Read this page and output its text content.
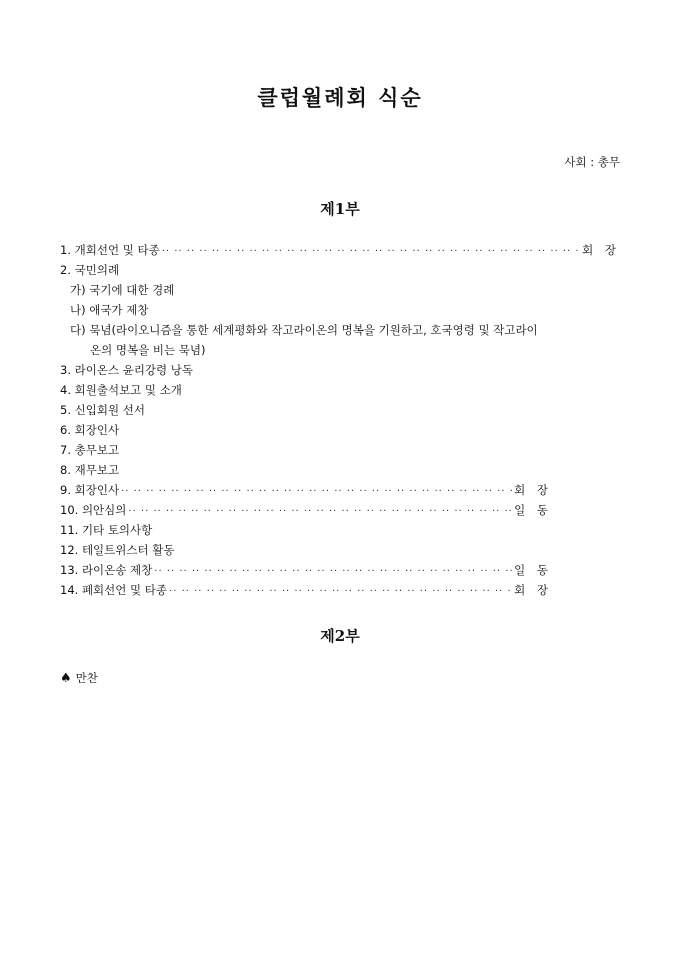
클럽월례회 식순
사회 : 총무
제1부
1. 개회선언 및 타종 ·· ··	회 장
2. 국민의례
가) 국기에 대한 경례
나) 애국가 제창
다) 묵념(라이오니즘을 통한 세계평화와 작고라이온의 명복을 기원하고, 호국영령 및 작고라이
온의 명복을 비는 묵념)
3. 라이온스 윤리강령 낭독
4. 회원출석보고 및 소개
5. 신입회원 선서
6. 회장인사
7. 총무보고
8. 재무보고
9. 회장인사 ·· ··	회 장
10. 의안심의 ·· ··	일 동
11. 기타 토의사항
12. 테일트위스터 활동
13. 라이온송 제창 ·· ··	일 동
14. 폐회선언 및 타종 ·· ··	회 장
제2부
♠ 만찬
